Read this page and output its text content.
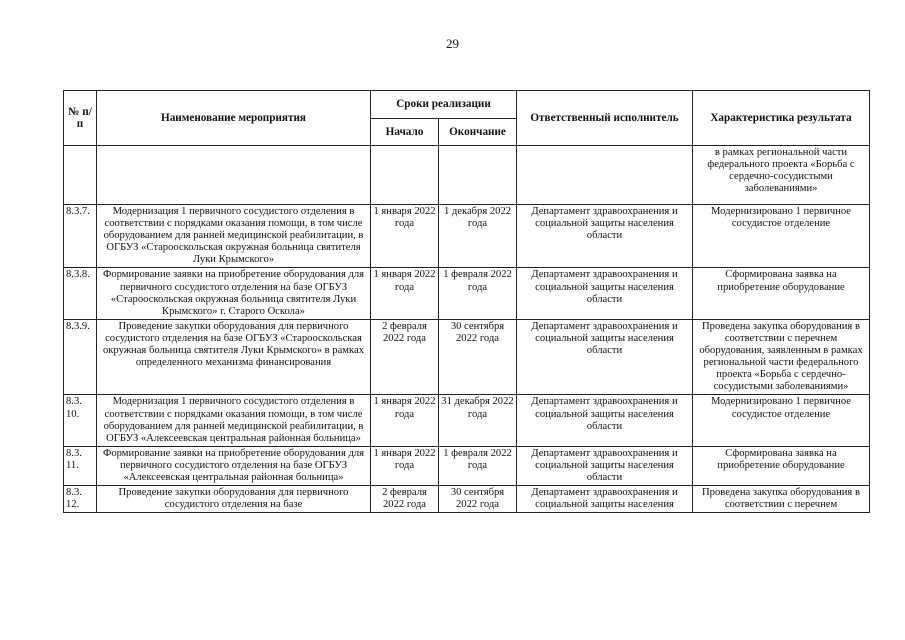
29
№ п/п	Наименование мероприятия	Сроки реализации		Ответственный исполнитель	Характеристика результата
		Начало	Окончание		
					в рамках региональной части федерального проекта «Борьба с сердечно-сосудистыми заболеваниями»
8.3.7.	Модернизация 1 первичного сосудистого отделения в соответствии с порядками оказания помощи, в том числе оборудованием для ранней медицинской реабилитации, в ОГБУЗ «Старооскольская окружная больница святителя Луки Крымского»	1 января 2022 года	1 декабря 2022 года	Департамент здравоохранения и социальной защиты населения области	Модернизировано 1 первичное сосудистое отделение
8.3.8.	Формирование заявки на приобретение оборудования для первичного сосудистого отделения на базе ОГБУЗ «Старооскольская окружная больница святителя Луки Крымского» г. Старого Оскола»	1 января 2022 года	1 февраля 2022 года	Департамент здравоохранения и социальной защиты населения области	Сформирована заявка на приобретение оборудование
8.3.9.	Проведение закупки оборудования для первичного сосудистого отделения на базе ОГБУЗ «Старооскольская окружная больница святителя Луки Крымского» в рамках определенного механизма финансирования	2 февраля 2022 года	30 сентября 2022 года	Департамент здравоохранения и социальной защиты населения области	Проведена закупка оборудования в соответствии с перечнем оборудования, заявленным в рамках региональной части федерального проекта «Борьба с сердечно-сосудистыми заболеваниями»
8.3. 10.	Модернизация 1 первичного сосудистого отделения в соответствии с порядками оказания помощи, в том числе оборудованием для ранней медицинской реабилитации, в ОГБУЗ «Алексеевская центральная районная больница»	1 января 2022 года	31 декабря 2022 года	Департамент здравоохранения и социальной защиты населения области	Модернизировано 1 первичное сосудистое отделение
8.3. 11.	Формирование заявки на приобретение оборудования для первичного сосудистого отделения на базе ОГБУЗ «Алексеевская центральная районная больница»	1 января 2022 года	1 февраля 2022 года	Департамент здравоохранения и социальной защиты населения области	Сформирована заявка на приобретение оборудование
8.3. 12.	Проведение закупки оборудования для первичного сосудистого отделения на базе	2 февраля 2022 года	30 сентября 2022 года	Департамент здравоохранения и социальной защиты населения	Проведена закупка оборудования в соответствии с перечнем
